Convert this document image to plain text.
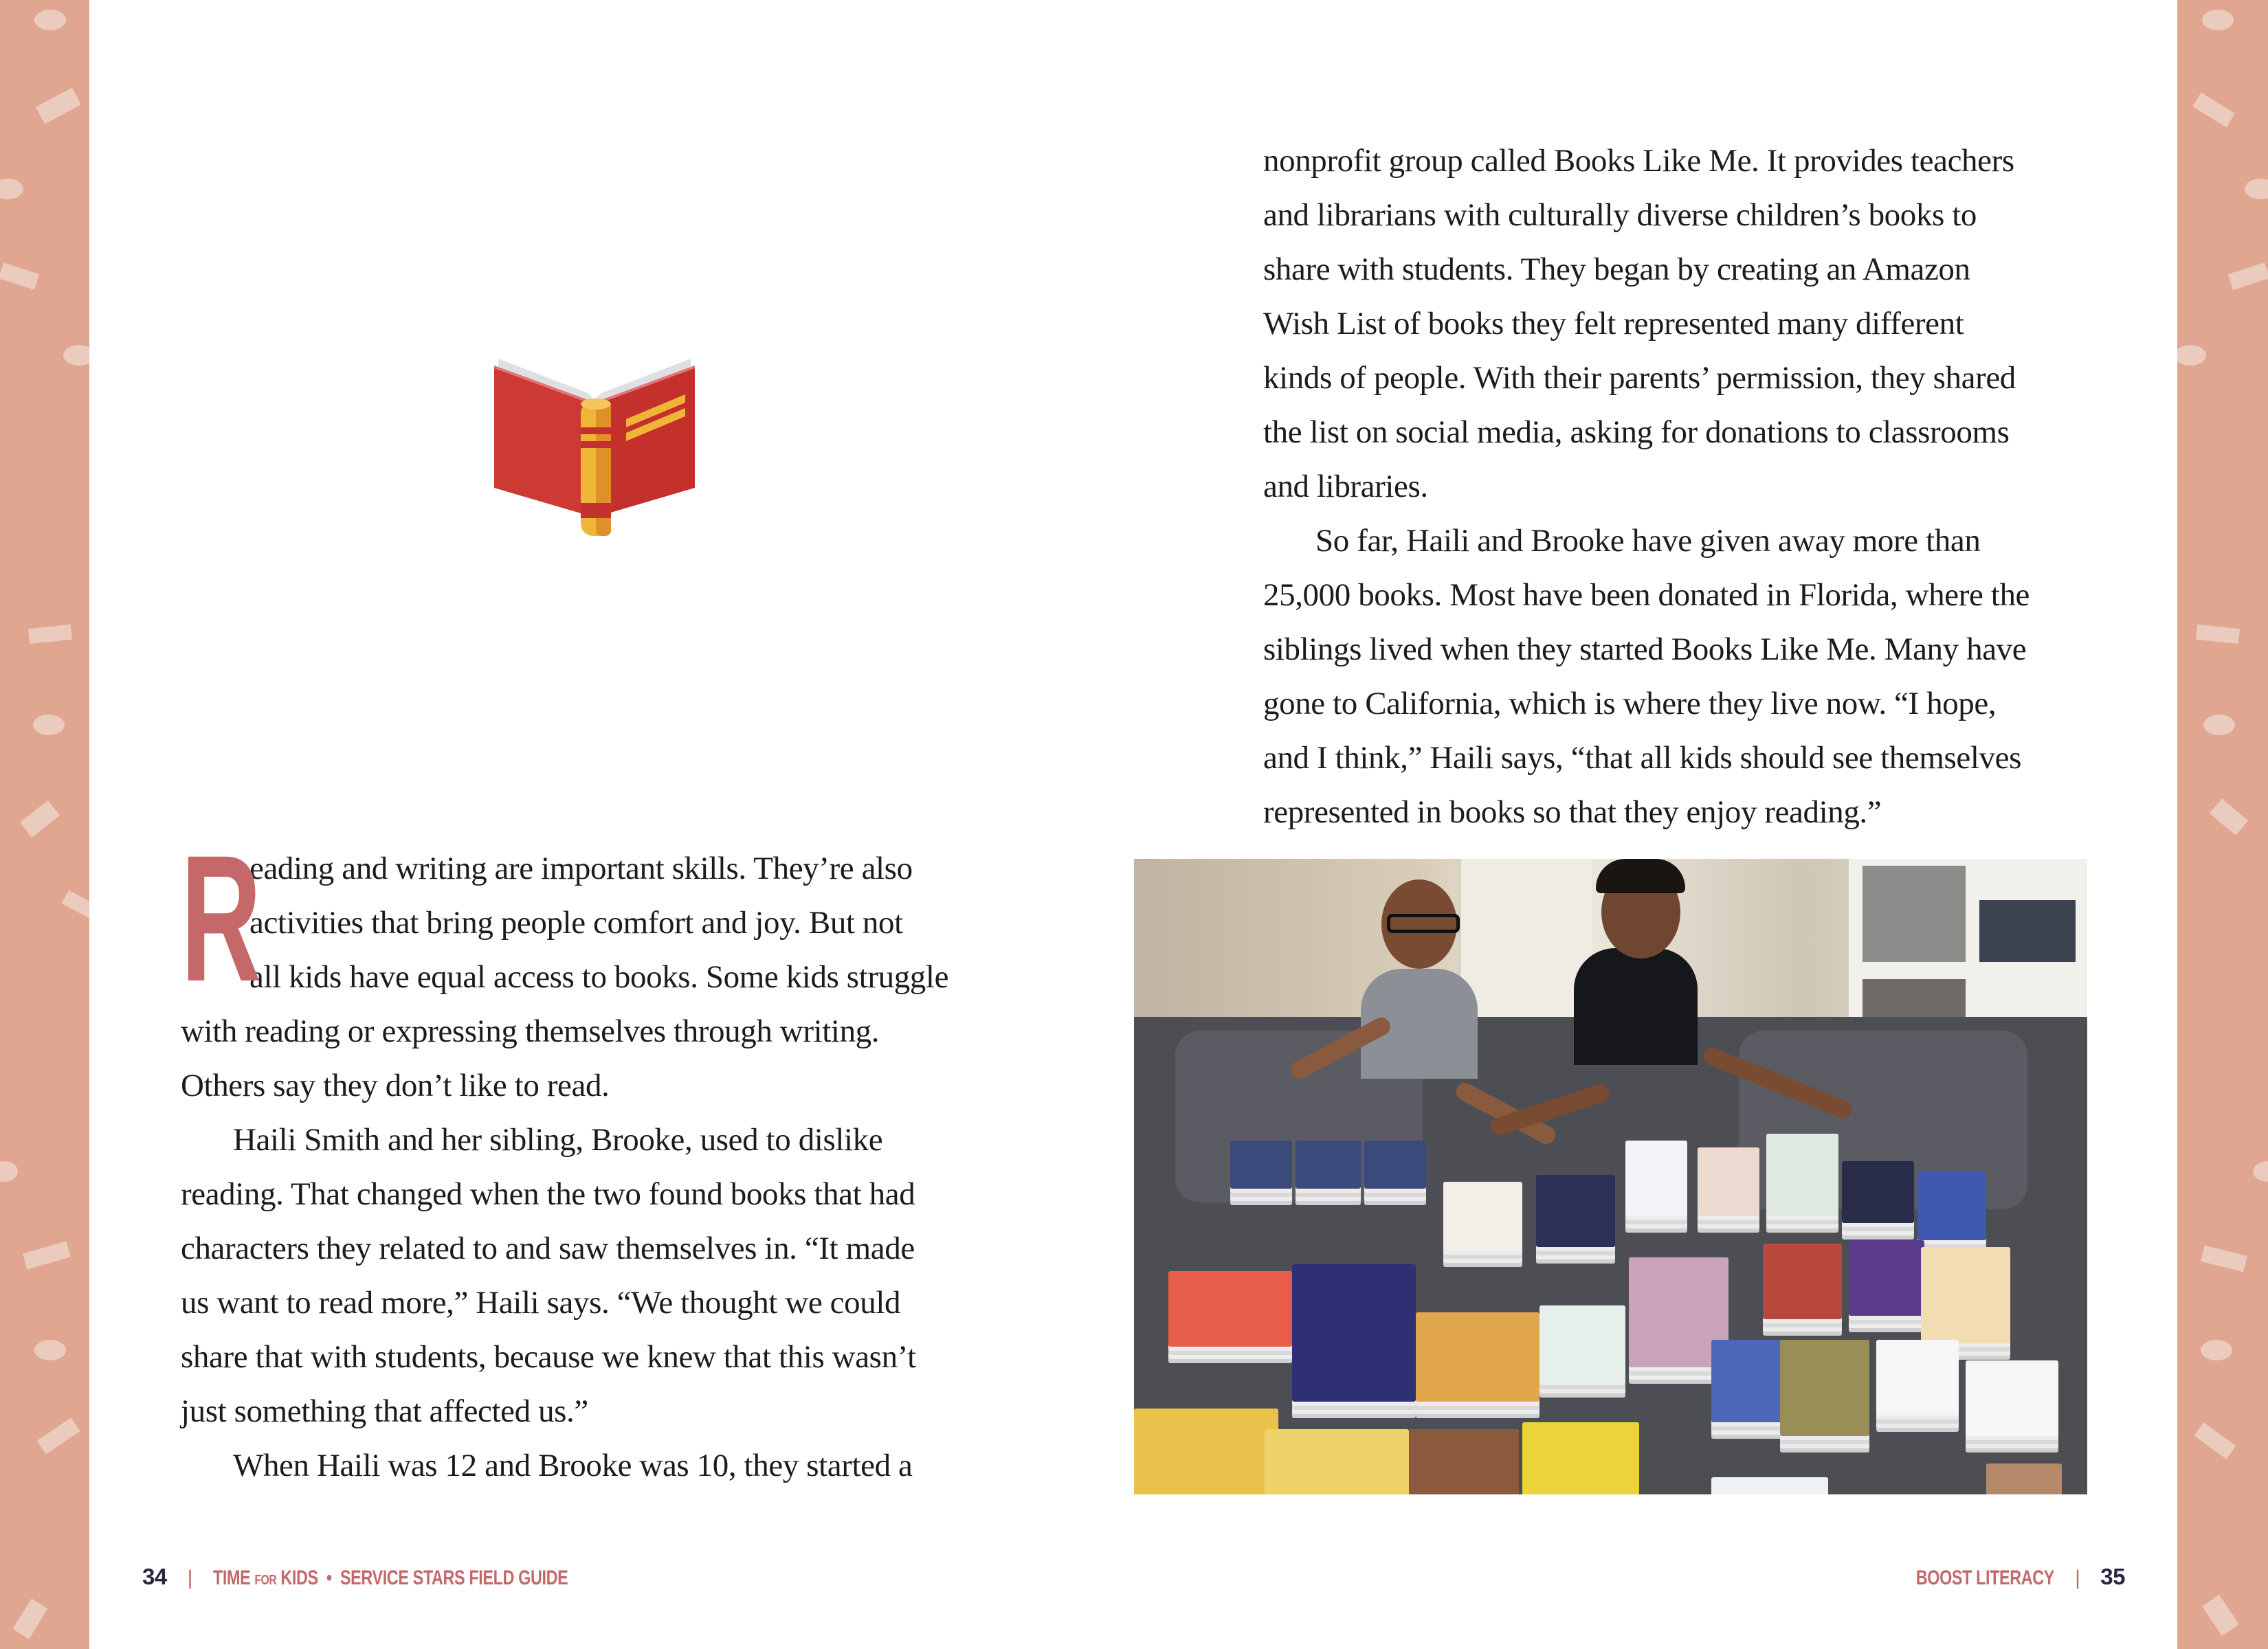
R

eading and writing are important skills. They’re also

activities that bring people comfort and joy. But not

all kids have equal access to books. Some kids struggle

with reading or expressing themselves through writing.

Others say they don’t like to read.

Haili Smith and her sibling, Brooke, used to dislike

reading. That changed when the two found books that had

characters they related to and saw themselves in. “It made

us want to read more,” Haili says. “We thought we could

share that with students, because we knew that this wasn’t

just something that affected us.”

When Haili was 12 and Brooke was 10, they started a

nonprofit group called Books Like Me. It provides teachers

and librarians with culturally diverse children’s books to

share with students. They began by creating an Amazon

Wish List of books they felt represented many different

kinds of people. With their parents’ permission, they shared

the list on social media, asking for donations to classrooms

and libraries.

So far, Haili and Brooke have given away more than

25,000 books. Most have been donated in Florida, where the

siblings lived when they started Books Like Me. Many have

gone to California, which is where they live now. “I hope,

and I think,” Haili says, “that all kids should see themselves

represented in books so that they enjoy reading.”

34 | TIME FOR KIDS • SERVICE STARS FIELD GUIDE	BOOST LITERACY | 35
